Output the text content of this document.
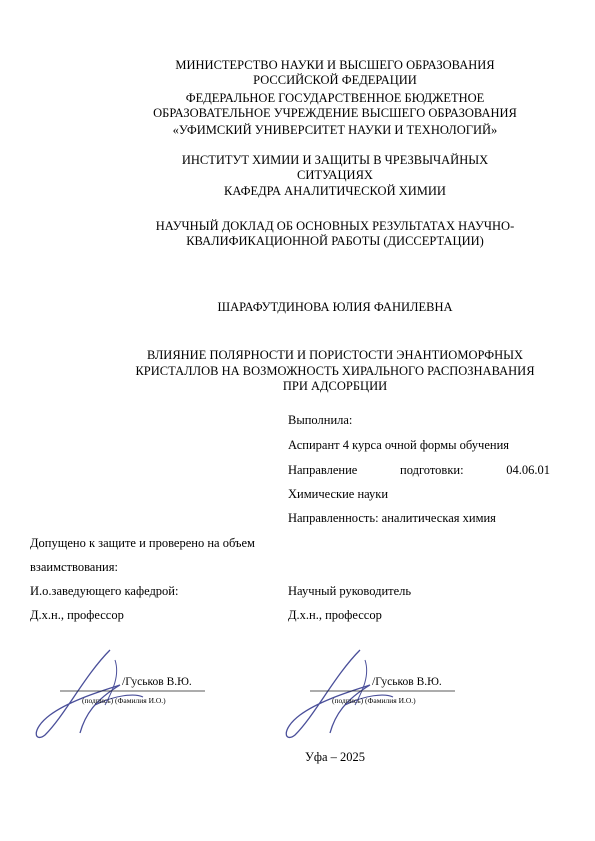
МИНИСТЕРСТВО НАУКИ И ВЫСШЕГО ОБРАЗОВАНИЯ
РОССИЙСКОЙ ФЕДЕРАЦИИ
ФЕДЕРАЛЬНОЕ ГОСУДАРСТВЕННОЕ БЮДЖЕТНОЕ
ОБРАЗОВАТЕЛЬНОЕ УЧРЕЖДЕНИЕ ВЫСШЕГО ОБРАЗОВАНИЯ
«УФИМСКИЙ УНИВЕРСИТЕТ НАУКИ И ТЕХНОЛОГИЙ»
ИНСТИТУТ ХИМИИ И ЗАЩИТЫ В ЧРЕЗВЫЧАЙНЫХ
СИТУАЦИЯХ
КАФЕДРА АНАЛИТИЧЕСКОЙ ХИМИИ
НАУЧНЫЙ ДОКЛАД ОБ ОСНОВНЫХ РЕЗУЛЬТАТАХ НАУЧНО-
КВАЛИФИКАЦИОННОЙ РАБОТЫ (ДИССЕРТАЦИИ)
ШАРАФУТДИНОВА ЮЛИЯ ФАНИЛЕВНА
ВЛИЯНИЕ ПОЛЯРНОСТИ И ПОРИСТОСТИ ЭНАНТИОМОРФНЫХ
КРИСТАЛЛОВ НА ВОЗМОЖНОСТЬ ХИРАЛЬНОГО РАСПОЗНАВАНИЯ
ПРИ АДСОРБЦИИ
Выполнила:
Аспирант 4 курса очной формы обучения
Направление	подготовки:	04.06.01
Химические науки
Направленность: аналитическая химия
Допущено к защите и проверено на объем
взаимствования:
И.о.заведующего кафедрой:
Д.х.н., профессор
Научный руководитель
Д.х.н., профессор
/Гуськов В.Ю.
(подпись) (Фамилия И.О.)
/Гуськов В.Ю.
(подпись) (Фамилия И.О.)
Уфа – 2025
